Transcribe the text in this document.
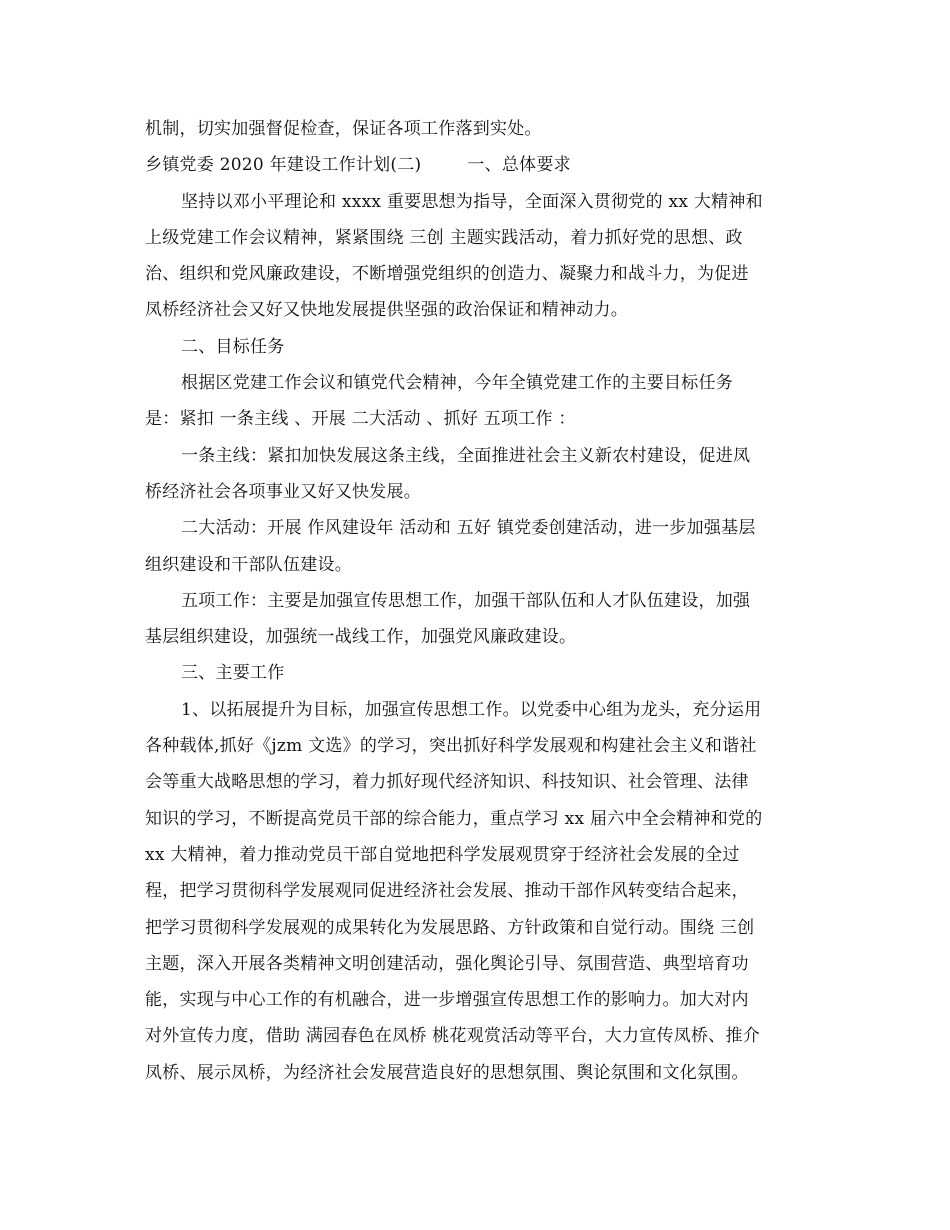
机制，切实加强督促检查，保证各项工作落到实处。
乡镇党委 2020 年建设工作计划(二)	一、总体要求
坚持以邓小平理论和 xxxx 重要思想为指导，全面深入贯彻党的 xx 大精神和
上级党建工作会议精神，紧紧围绕 三创 主题实践活动，着力抓好党的思想、政
治、组织和党风廉政建设，不断增强党组织的创造力、凝聚力和战斗力，为促进
凤桥经济社会又好又快地发展提供坚强的政治保证和精神动力。
二、目标任务
根据区党建工作会议和镇党代会精神，今年全镇党建工作的主要目标任务
是：紧扣 一条主线 、开展 二大活动 、抓好 五项工作 ：
一条主线：紧扣加快发展这条主线，全面推进社会主义新农村建设，促进凤
桥经济社会各项事业又好又快发展。
二大活动：开展 作风建设年 活动和 五好 镇党委创建活动，进一步加强基层
组织建设和干部队伍建设。
五项工作：主要是加强宣传思想工作，加强干部队伍和人才队伍建设，加强
基层组织建设，加强统一战线工作，加强党风廉政建设。
三、主要工作
1、以拓展提升为目标，加强宣传思想工作。以党委中心组为龙头，充分运用
各种载体,抓好《jzm 文选》的学习，突出抓好科学发展观和构建社会主义和谐社
会等重大战略思想的学习，着力抓好现代经济知识、科技知识、社会管理、法律
知识的学习，不断提高党员干部的综合能力，重点学习 xx 届六中全会精神和党的
xx 大精神，着力推动党员干部自觉地把科学发展观贯穿于经济社会发展的全过
程，把学习贯彻科学发展观同促进经济社会发展、推动干部作风转变结合起来，
把学习贯彻科学发展观的成果转化为发展思路、方针政策和自觉行动。围绕 三创
主题，深入开展各类精神文明创建活动，强化舆论引导、氛围营造、典型培育功
能，实现与中心工作的有机融合，进一步增强宣传思想工作的影响力。加大对内
对外宣传力度，借助 满园春色在凤桥 桃花观赏活动等平台，大力宣传凤桥、推介
凤桥、展示凤桥，为经济社会发展营造良好的思想氛围、舆论氛围和文化氛围。
